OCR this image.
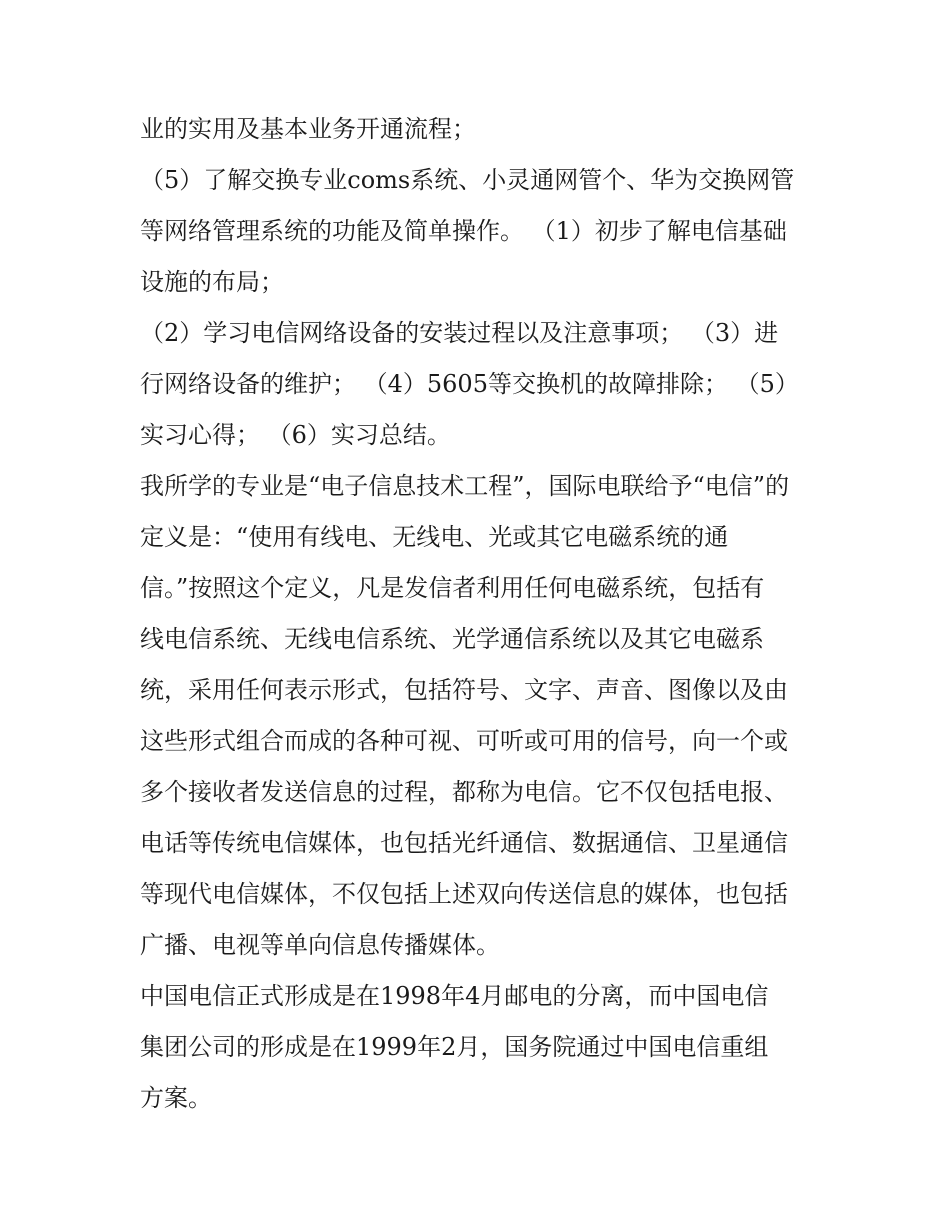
业的实用及基本业务开通流程；
（5）了解交换专业coms系统、小灵通网管个、华为交换网管
等网络管理系统的功能及简单操作。 （1）初步了解电信基础
设施的布局；
（2）学习电信网络设备的安装过程以及注意事项； （3）进
行网络设备的维护； （4）5605等交换机的故障排除； （5）
实习心得； （6）实习总结。
我所学的专业是“电子信息技术工程”，国际电联给予“电信”的
定义是：“使用有线电、无线电、光或其它电磁系统的通
信。”按照这个定义，凡是发信者利用任何电磁系统，包括有
线电信系统、无线电信系统、光学通信系统以及其它电磁系
统，采用任何表示形式，包括符号、文字、声音、图像以及由
这些形式组合而成的各种可视、可听或可用的信号，向一个或
多个接收者发送信息的过程，都称为电信。它不仅包括电报、
电话等传统电信媒体，也包括光纤通信、数据通信、卫星通信
等现代电信媒体，不仅包括上述双向传送信息的媒体，也包括
广播、电视等单向信息传播媒体。
中国电信正式形成是在1998年4月邮电的分离，而中国电信
集团公司的形成是在1999年2月，国务院通过中国电信重组
方案。
